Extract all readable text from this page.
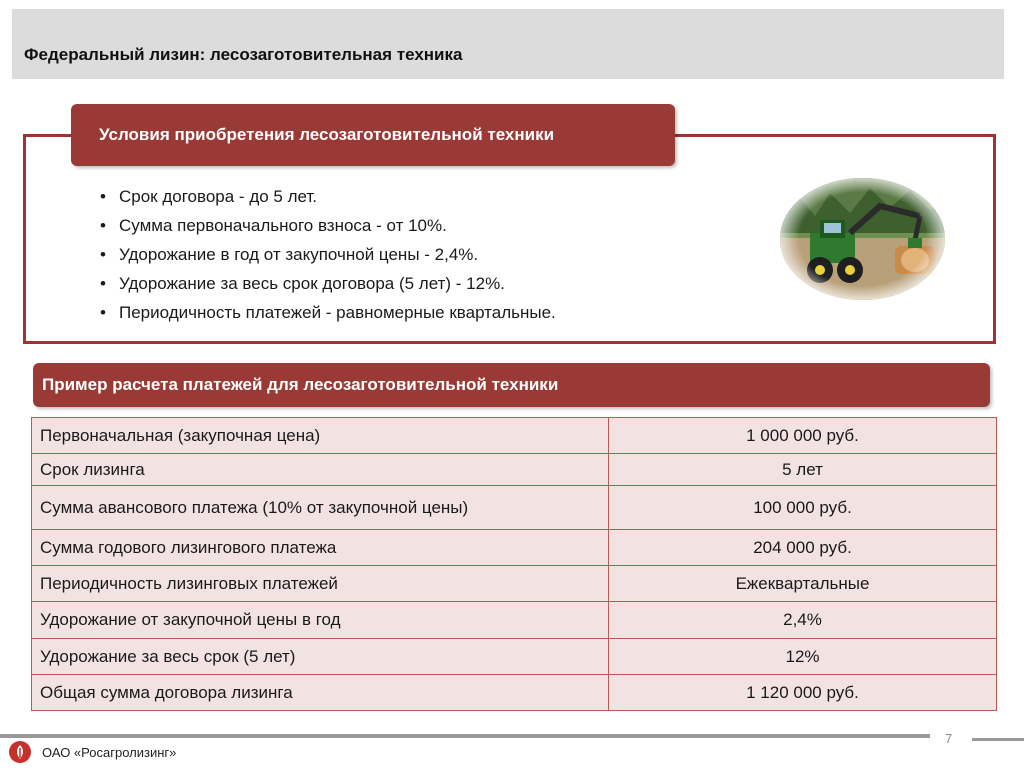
Федеральный лизин: лесозаготовительная техника
Условия приобретения лесозаготовительной техники
• Срок договора - до 5 лет.
• Сумма первоначального взноса - от 10%.
• Удорожание в год от закупочной цены - 2,4%.
• Удорожание за весь срок договора (5 лет) - 12%.
• Периодичность платежей - равномерные квартальные.
Пример расчета платежей для лесозаготовительной техники
Первоначальная (закупочная цена)	1 000 000 руб.
Срок лизинга	5 лет
Сумма авансового платежа (10% от закупочной цены)	100 000 руб.
Сумма годового лизингового платежа	204 000 руб.
Периодичность лизинговых платежей	Ежеквартальные
Удорожание от закупочной цены в год	2,4%
Удорожание за весь срок (5 лет)	12%
Общая сумма договора лизинга	1 120 000 руб.
7
ОАО «Росагролизинг»
